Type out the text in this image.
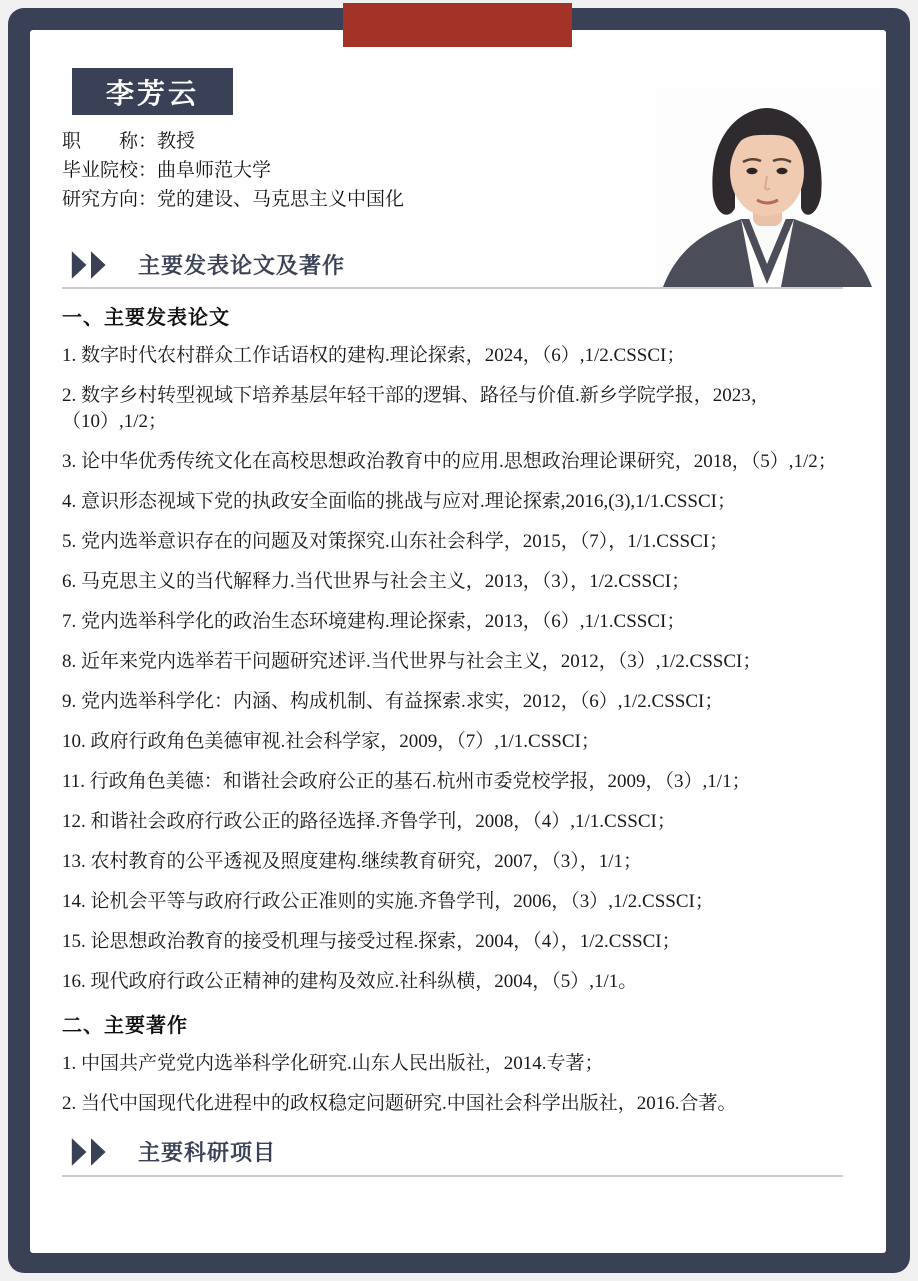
李芳云
职　　称：教授
毕业院校：曲阜师范大学
研究方向：党的建设、马克思主义中国化
主要发表论文及著作
一、主要发表论文
1. 数字时代农村群众工作话语权的建构.理论探索，2024，（6）,1/2.CSSCI；
2. 数字乡村转型视域下培养基层年轻干部的逻辑、路径与价值.新乡学院学报，2023，（10）,1/2；
3. 论中华优秀传统文化在高校思想政治教育中的应用.思想政治理论课研究，2018，（5）,1/2；
4. 意识形态视域下党的执政安全面临的挑战与应对.理论探索,2016,(3),1/1.CSSCI；
5. 党内选举意识存在的问题及对策探究.山东社会科学，2015，（7），1/1.CSSCI；
6. 马克思主义的当代解释力.当代世界与社会主义，2013，（3），1/2.CSSCI；
7. 党内选举科学化的政治生态环境建构.理论探索，2013，（6）,1/1.CSSCI；
8. 近年来党内选举若干问题研究述评.当代世界与社会主义，2012，（3）,1/2.CSSCI；
9. 党内选举科学化：内涵、构成机制、有益探索.求实，2012，（6）,1/2.CSSCI；
10. 政府行政角色美德审视.社会科学家，2009，（7）,1/1.CSSCI；
11. 行政角色美德：和谐社会政府公正的基石.杭州市委党校学报，2009，（3）,1/1；
12. 和谐社会政府行政公正的路径选择.齐鲁学刊，2008，（4）,1/1.CSSCI；
13. 农村教育的公平透视及照度建构.继续教育研究，2007，（3），1/1；
14. 论机会平等与政府行政公正准则的实施.齐鲁学刊，2006，（3）,1/2.CSSCI；
15. 论思想政治教育的接受机理与接受过程.探索，2004，（4），1/2.CSSCI；
16. 现代政府行政公正精神的建构及效应.社科纵横，2004，（5）,1/1。
二、主要著作
1. 中国共产党党内选举科学化研究.山东人民出版社，2014.专著；
2. 当代中国现代化进程中的政权稳定问题研究.中国社会科学出版社，2016.合著。
主要科研项目
